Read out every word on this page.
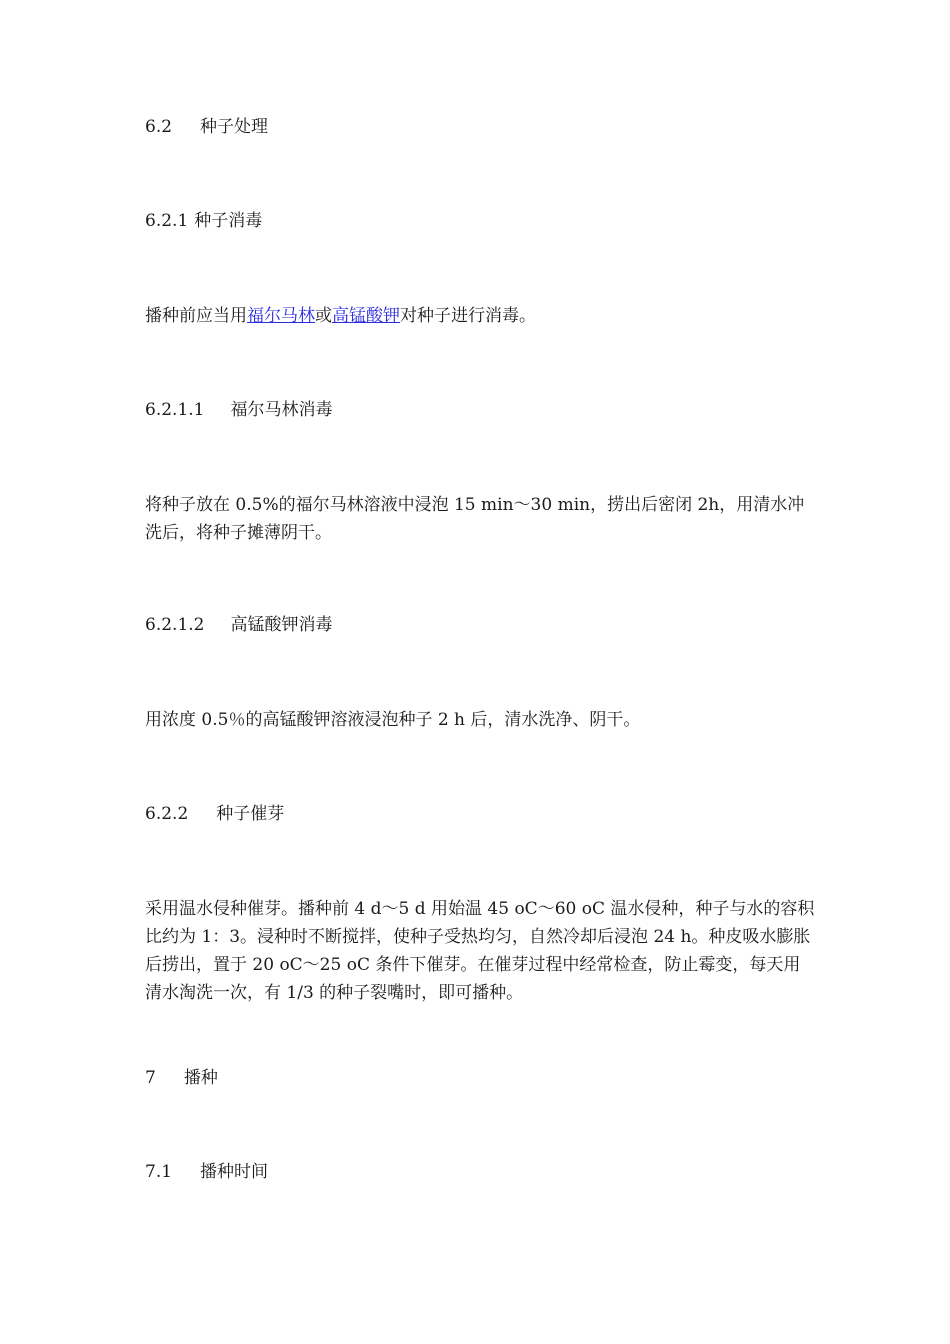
6.2 种子处理
6.2.1 种子消毒
播种前应当用福尔马林或高锰酸钾对种子进行消毒。
6.2.1.1 福尔马林消毒
将种子放在 0.5%的福尔马林溶液中浸泡 15 min～30 min，捞出后密闭 2h，用清水冲洗后，将种子摊薄阴干。
6.2.1.2 高锰酸钾消毒
用浓度 0.5％的高锰酸钾溶液浸泡种子 2 h 后，清水洗净、阴干。
6.2.2 种子催芽
采用温水侵种催芽。播种前 4 d～5 d 用始温 45 oC～60 oC 温水侵种，种子与水的容积比约为 1：3。浸种时不断搅拌，使种子受热均匀，自然冷却后浸泡 24 h。种皮吸水膨胀后捞出，置于 20 oC～25 oC 条件下催芽。在催芽过程中经常检查，防止霉变，每天用清水淘洗一次，有 1/3 的种子裂嘴时，即可播种。
7 播种
7.1 播种时间
